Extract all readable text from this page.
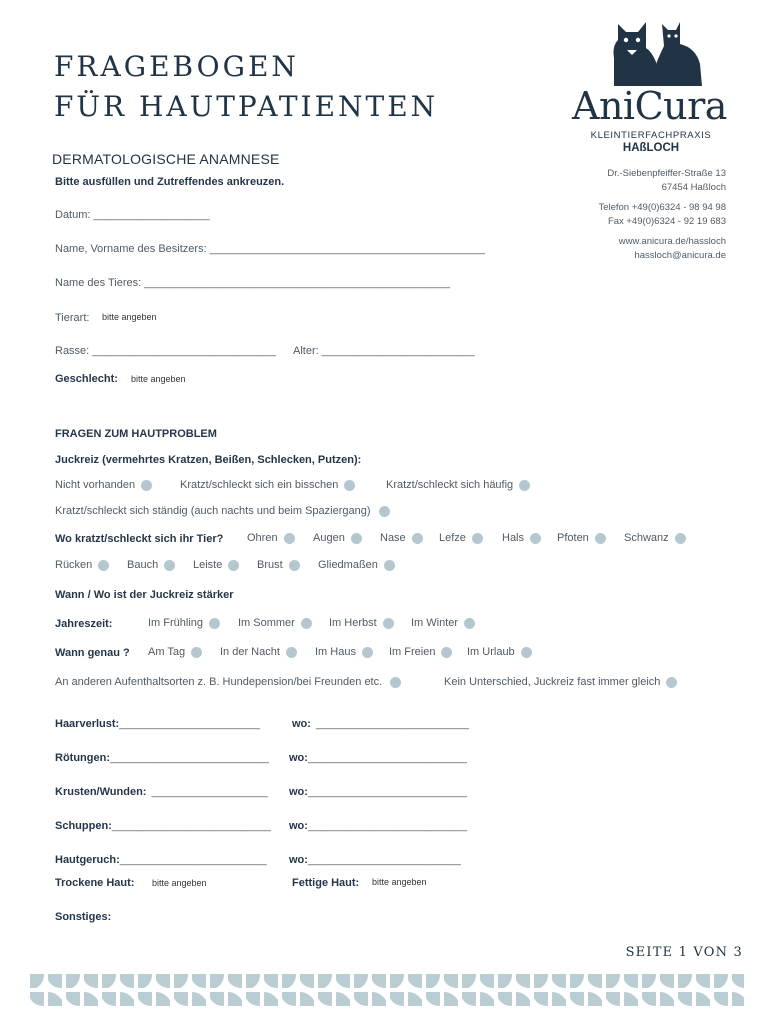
FRAGEBOGEN
FÜR HAUTPATIENTEN
DERMATOLOGISCHE ANAMNESE
Bitte ausfüllen und Zutreffendes ankreuzen.
AniCura
KLEINTIERFACHPRAXIS
HAßLOCH
Dr.-Siebenpfeiffer-Straße 13
67454 Haßloch
Telefon +49(0)6324 - 98 94 98
Fax +49(0)6324 - 92 19 683
www.anicura.de/hassloch
hassloch@anicura.de
Datum: ___________________
Name, Vorname des Besitzers: _____________________________________________
Name des Tieres: __________________________________________________
Tierart: bitte angeben
Rasse: ______________________________ Alter: _________________________
Geschlecht: bitte angeben
FRAGEN ZUM HAUTPROBLEM
Juckreiz (vermehrtes Kratzen, Beißen, Schlecken, Putzen):
Nicht vorhanden	Kratzt/schleckt sich ein bisschen	Kratzt/schleckt sich häufig
Kratzt/schleckt sich ständig (auch nachts und beim Spaziergang)
Wo kratzt/schleckt sich ihr Tier? Ohren	Augen	Nase	Lefze	Hals	Pfoten	Schwanz
Rücken	Bauch	Leiste	Brust	Gliedmaßen
Wann / Wo ist der Juckreiz stärker
Jahreszeit:	Im Frühling	Im Sommer	Im Herbst	Im Winter
Wann genau ? Am Tag	In der Nacht	Im Haus	Im Freien	Im Urlaub
An anderen Aufenthaltsorten z. B. Hundepension/bei Freunden etc.	Kein Unterschied, Juckreiz fast immer gleich
Haarverlust:_______________________	wo: _________________________
Rötungen:__________________________ wo:__________________________
Krusten/Wunden: ___________________ wo:__________________________
Schuppen:__________________________ wo:__________________________
Hautgeruch:________________________ wo:_________________________
Trockene Haut: bitte angeben	Fettige Haut: bitte angeben
Sonstiges:
SEITE 1 VON 3
